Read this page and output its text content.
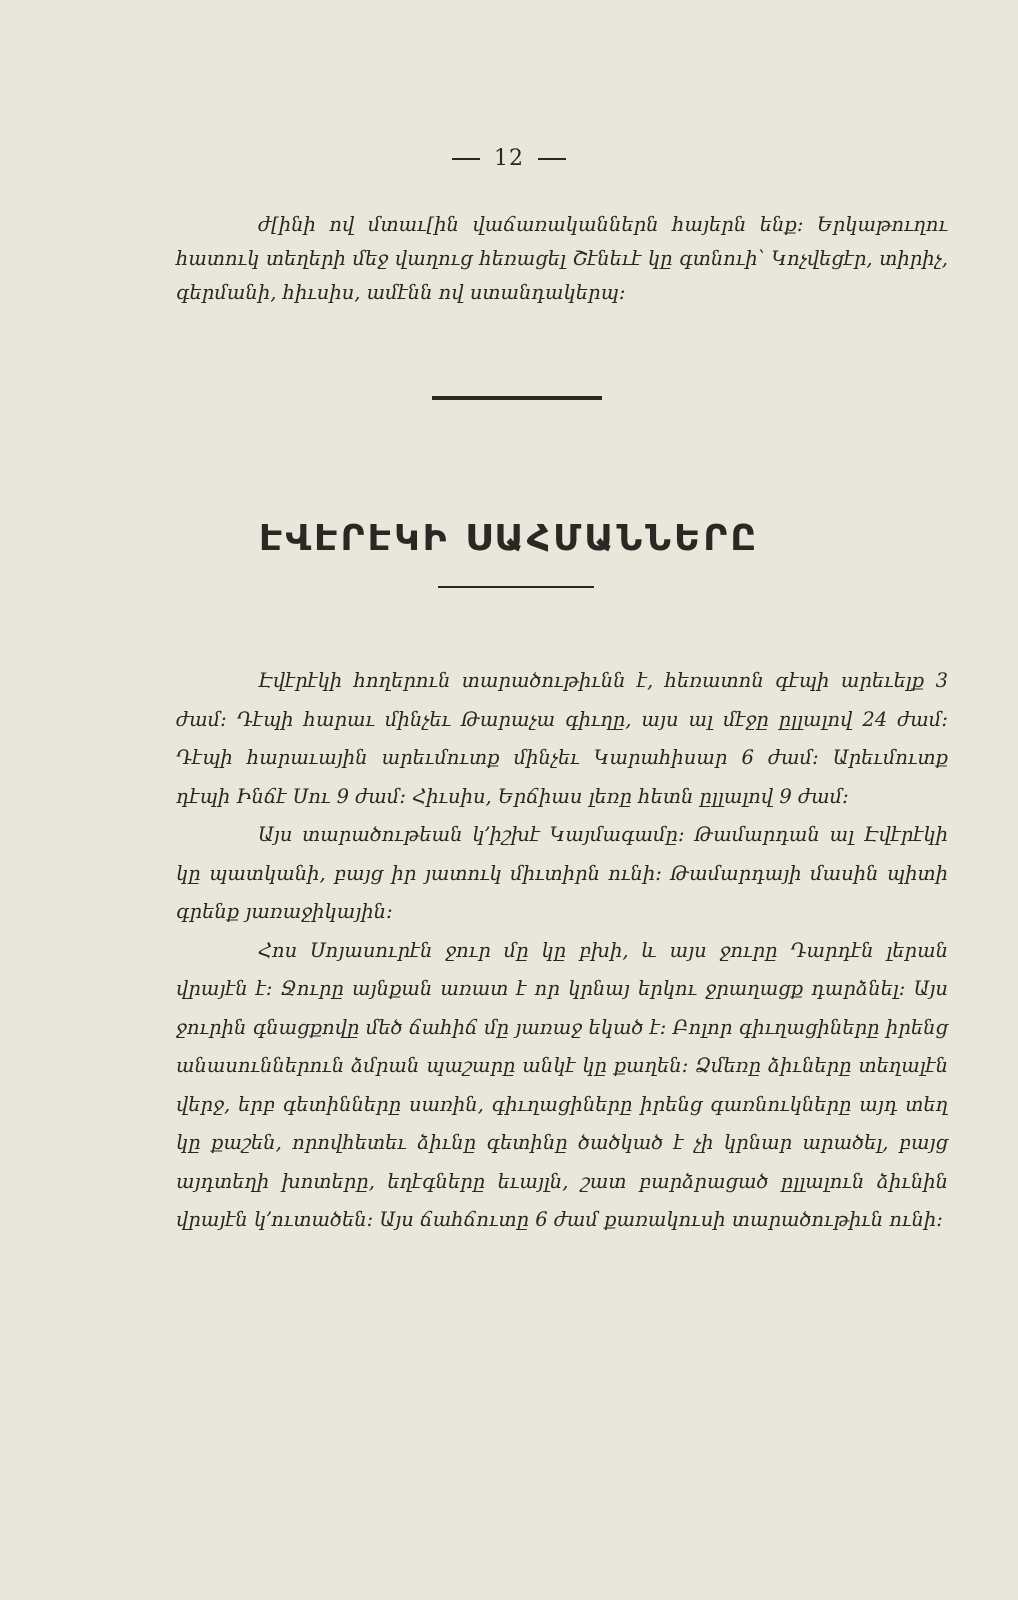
12

ժ[ինի ով մտաւ[ին վաճառականներն հայերն ենք։ Երկաթուղու հատուկ տեղերի մեջ վաղուց հեռացել Շէնեւէ կը գտնուի՝ Կոչվեցէր, տիրիչ, գերմանի, հիւսիս, ամէնն ով ստանդակերպ։

ԷՎԷՐԷԿԻ ՍԱՀՄԱՆՆԵՐԸ

Էվէրէկի հողերուն տարածութիւնն է, հեռատոն գէպի արեւելք 3 ժամ։ Դէպի հարաւ մինչեւ Թարաչա գիւղը, այս ալ մէջը ըլլալով 24 ժամ։ Դէպի հարաւային արեւմուտք մինչեւ Կարահիսար 6 ժամ։ Արեւմուտք դէպի Ինճէ Սու 9 ժամ։ Հիւսիս, Երճիաս լեռը հետն ըլլալով 9 ժամ։

Այս տարածութեան կ՚իշխէ Կայմագամը։ Թամարդան ալ Էվէրէկի կը պատկանի, բայց իր յատուկ միւտիրն ունի։ Թամարդայի մասին պիտի գրենք յառաջիկային։

Հոս Սոյասուրէն ջուր մը կը բխի, և այս ջուրը Դարդէն լերան վրայէն է։ Ջուրը այնքան առատ է որ կրնայ երկու ջրաղացք դարձնել։ Այս ջուրին գնացքովը մեծ ճահիճ մը յառաջ եկած է։ Բոլոր գիւղացիները իրենց անասուններուն ձմրան պաշարը անկէ կը քաղեն։ Ձմեռը ձիւները տեղալէն վերջ, երբ գետինները սառին, գիւղացիները իրենց գառնուկները այդ տեղ կը քաշեն, որովհետեւ ձիւնը գետինը ծածկած է չի կրնար արածել, բայց այդտեղի խոտերը, եղէգները եւայլն, շատ բարձրացած ըլլալուն ձիւնին վրայէն կ՚ուտածեն։ Այս ճահճուտը 6 ժամ քառակուսի տարածութիւն ունի։
